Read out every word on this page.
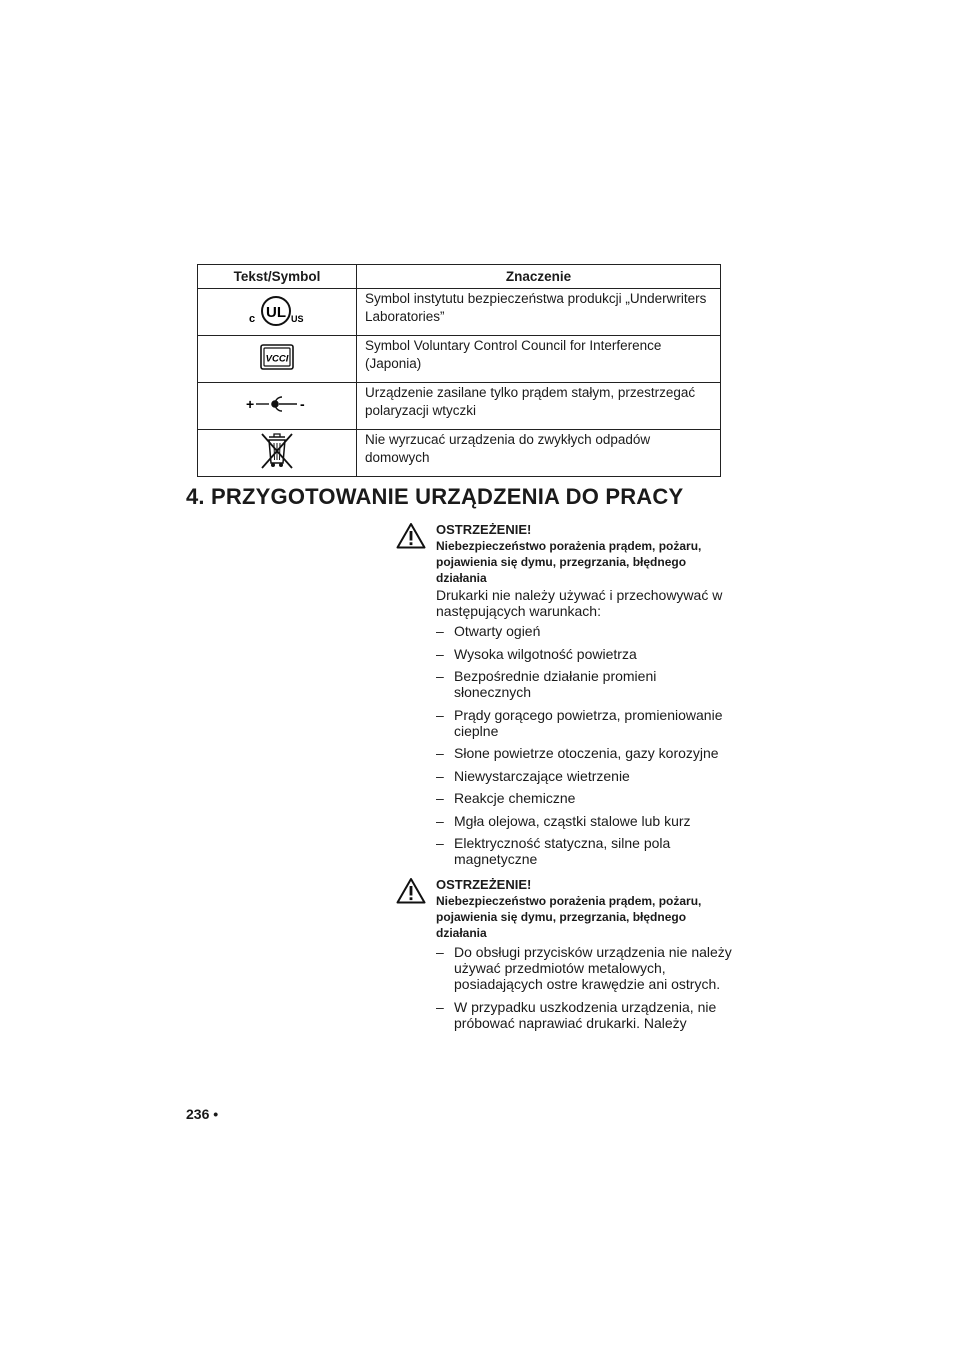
Tekst/Symbol	Znaczenie

c UL US	Symbol instytutu bezpieczeństwa produkcji „Underwriters Laboratories”

VCCI	Symbol Voluntary Control Council for Interference (Japonia)

+ -	Urządzenie zasilane tylko prądem stałym, przestrzegać polaryzacji wtyczki
	Nie wyrzucać urządzenia do zwykłych odpadów domowych
4. PRZYGOTOWANIE URZĄDZENIA DO PRACY
OSTRZEŻENIE!
Niebezpieczeństwo porażenia prądem, pożaru, pojawienia się dymu, przegrzania, błędnego działania
Drukarki nie należy używać i przechowywać w następujących warunkach:
– Otwarty ogień
– Wysoka wilgotność powietrza
– Bezpośrednie działanie promieni słonecznych
– Prądy gorącego powietrza, promieniowanie cieplne
– Słone powietrze otoczenia, gazy korozyjne
– Niewystarczające wietrzenie
– Reakcje chemiczne
– Mgła olejowa, cząstki stalowe lub kurz
– Elektryczność statyczna, silne pola magnetyczne
OSTRZEŻENIE!
Niebezpieczeństwo porażenia prądem, pożaru, pojawienia się dymu, przegrzania, błędnego działania
– Do obsługi przycisków urządzenia nie należy używać przedmiotów metalowych, posiadających ostre krawędzie ani ostrych.
– W przypadku uszkodzenia urządzenia, nie próbować naprawiać drukarki. Należy
236 •
